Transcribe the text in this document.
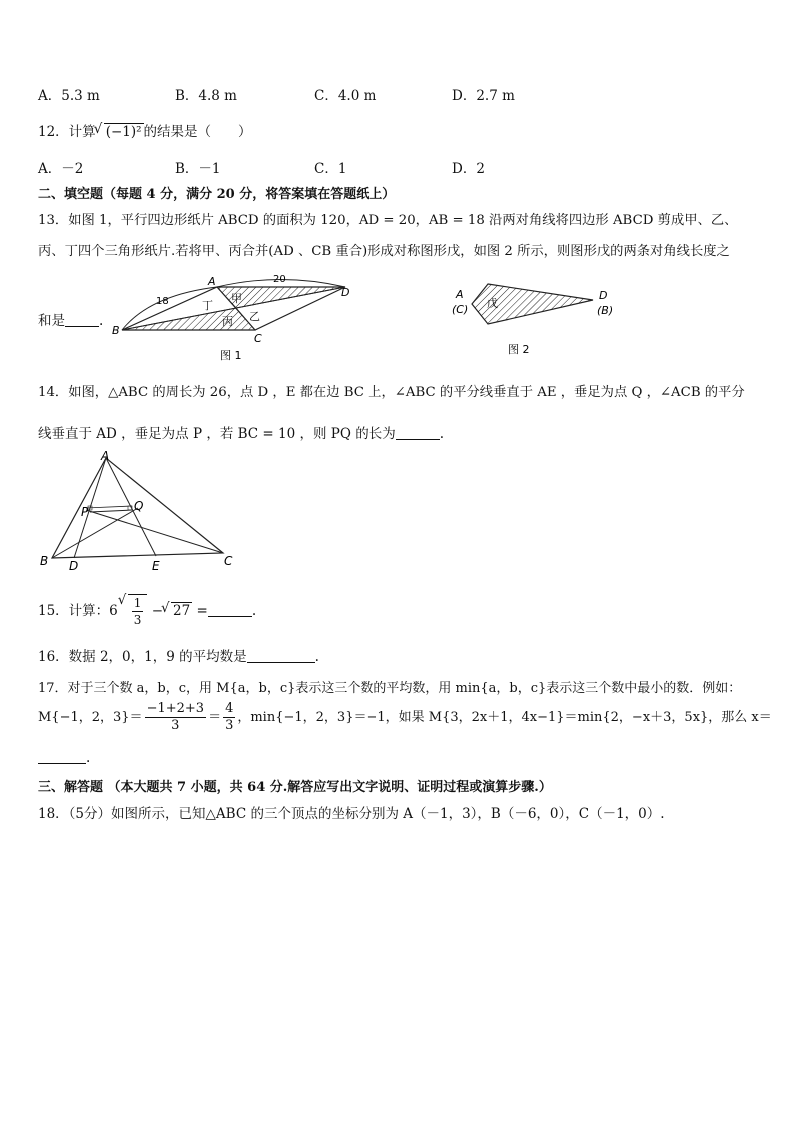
A．5.3 m	B．4.8 m	C．4.0 m	D．2.7 m
12．计算 √ (−1)² 的结果是（　　）
A．－2	B．－1	C．1	D．2
二、填空题（每题 4 分，满分 20 分，将答案填在答题纸上）
13．如图 1，平行四边形纸片 ABCD 的面积为 120，AD = 20，AB = 18 沿两对角线将四边形 ABCD 剪成甲、乙、
丙、丁四个三角形纸片.若将甲、丙合并(AD 、CB 重合)形成对称图形戊，如图 2 所示，则图形戊的两条对角线长度之
和是	.
A
B
C
D
20
18	甲
乙
丙
丁
图 1
A
(C)
D
(B)
戊
图 2
14．如图，△ABC 的周长为 26，点 D ，E 都在边 BC 上，∠ABC 的平分线垂直于 AE ，垂足为点 Q ，∠ACB 的平分
线垂直于 AD ，垂足为点 P ，若 BC = 10 ，则 PQ 的长为	.
A
B	C
D	E
P	Q
15．计算：6 √ $\frac{1}{3}$ − √ 27 =	.
16．数据 2，0，1，9 的平均数是	.
17．对于三个数 a，b，c，用 M{a，b，c}表示这三个数的平均数，用 min{a，b，c}表示这三个数中最小的数．例如：
M{−1，2，$3\}= \frac{-1+2+3}{3} = \frac{4}{3}$ ，min{−1，2，3}＝−1，如果 M{3，2x＋1，4x−1}＝min{2，−x＋3，5x}，那么 x＝
.
三、解答题 （本大题共 7 小题，共 64 分.解答应写出文字说明、证明过程或演算步骤.）
18．（5分）如图所示，已知△ABC 的三个顶点的坐标分别为 A（－1，3），B（－6，0），C（－1，0）.
